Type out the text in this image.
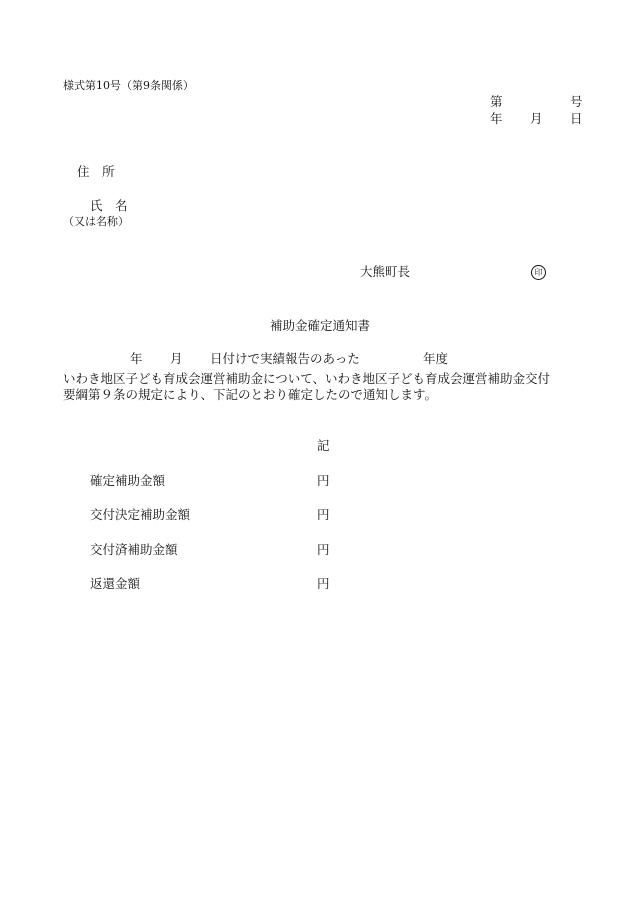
様式第10号（第9条関係）
第	号
年 月 日
住　所
氏　名
（又は名称）
大熊町長	印
補助金確定通知書
年 月 日付けで実績報告のあった	年度
いわき地区子ども育成会運営補助金について、いわき地区子ども育成会運営補助金交付
要綱第９条の規定により、下記のとおり確定したので通知します。
記
確定補助金額	円
交付決定補助金額	円
交付済補助金額	円
返還金額	円
